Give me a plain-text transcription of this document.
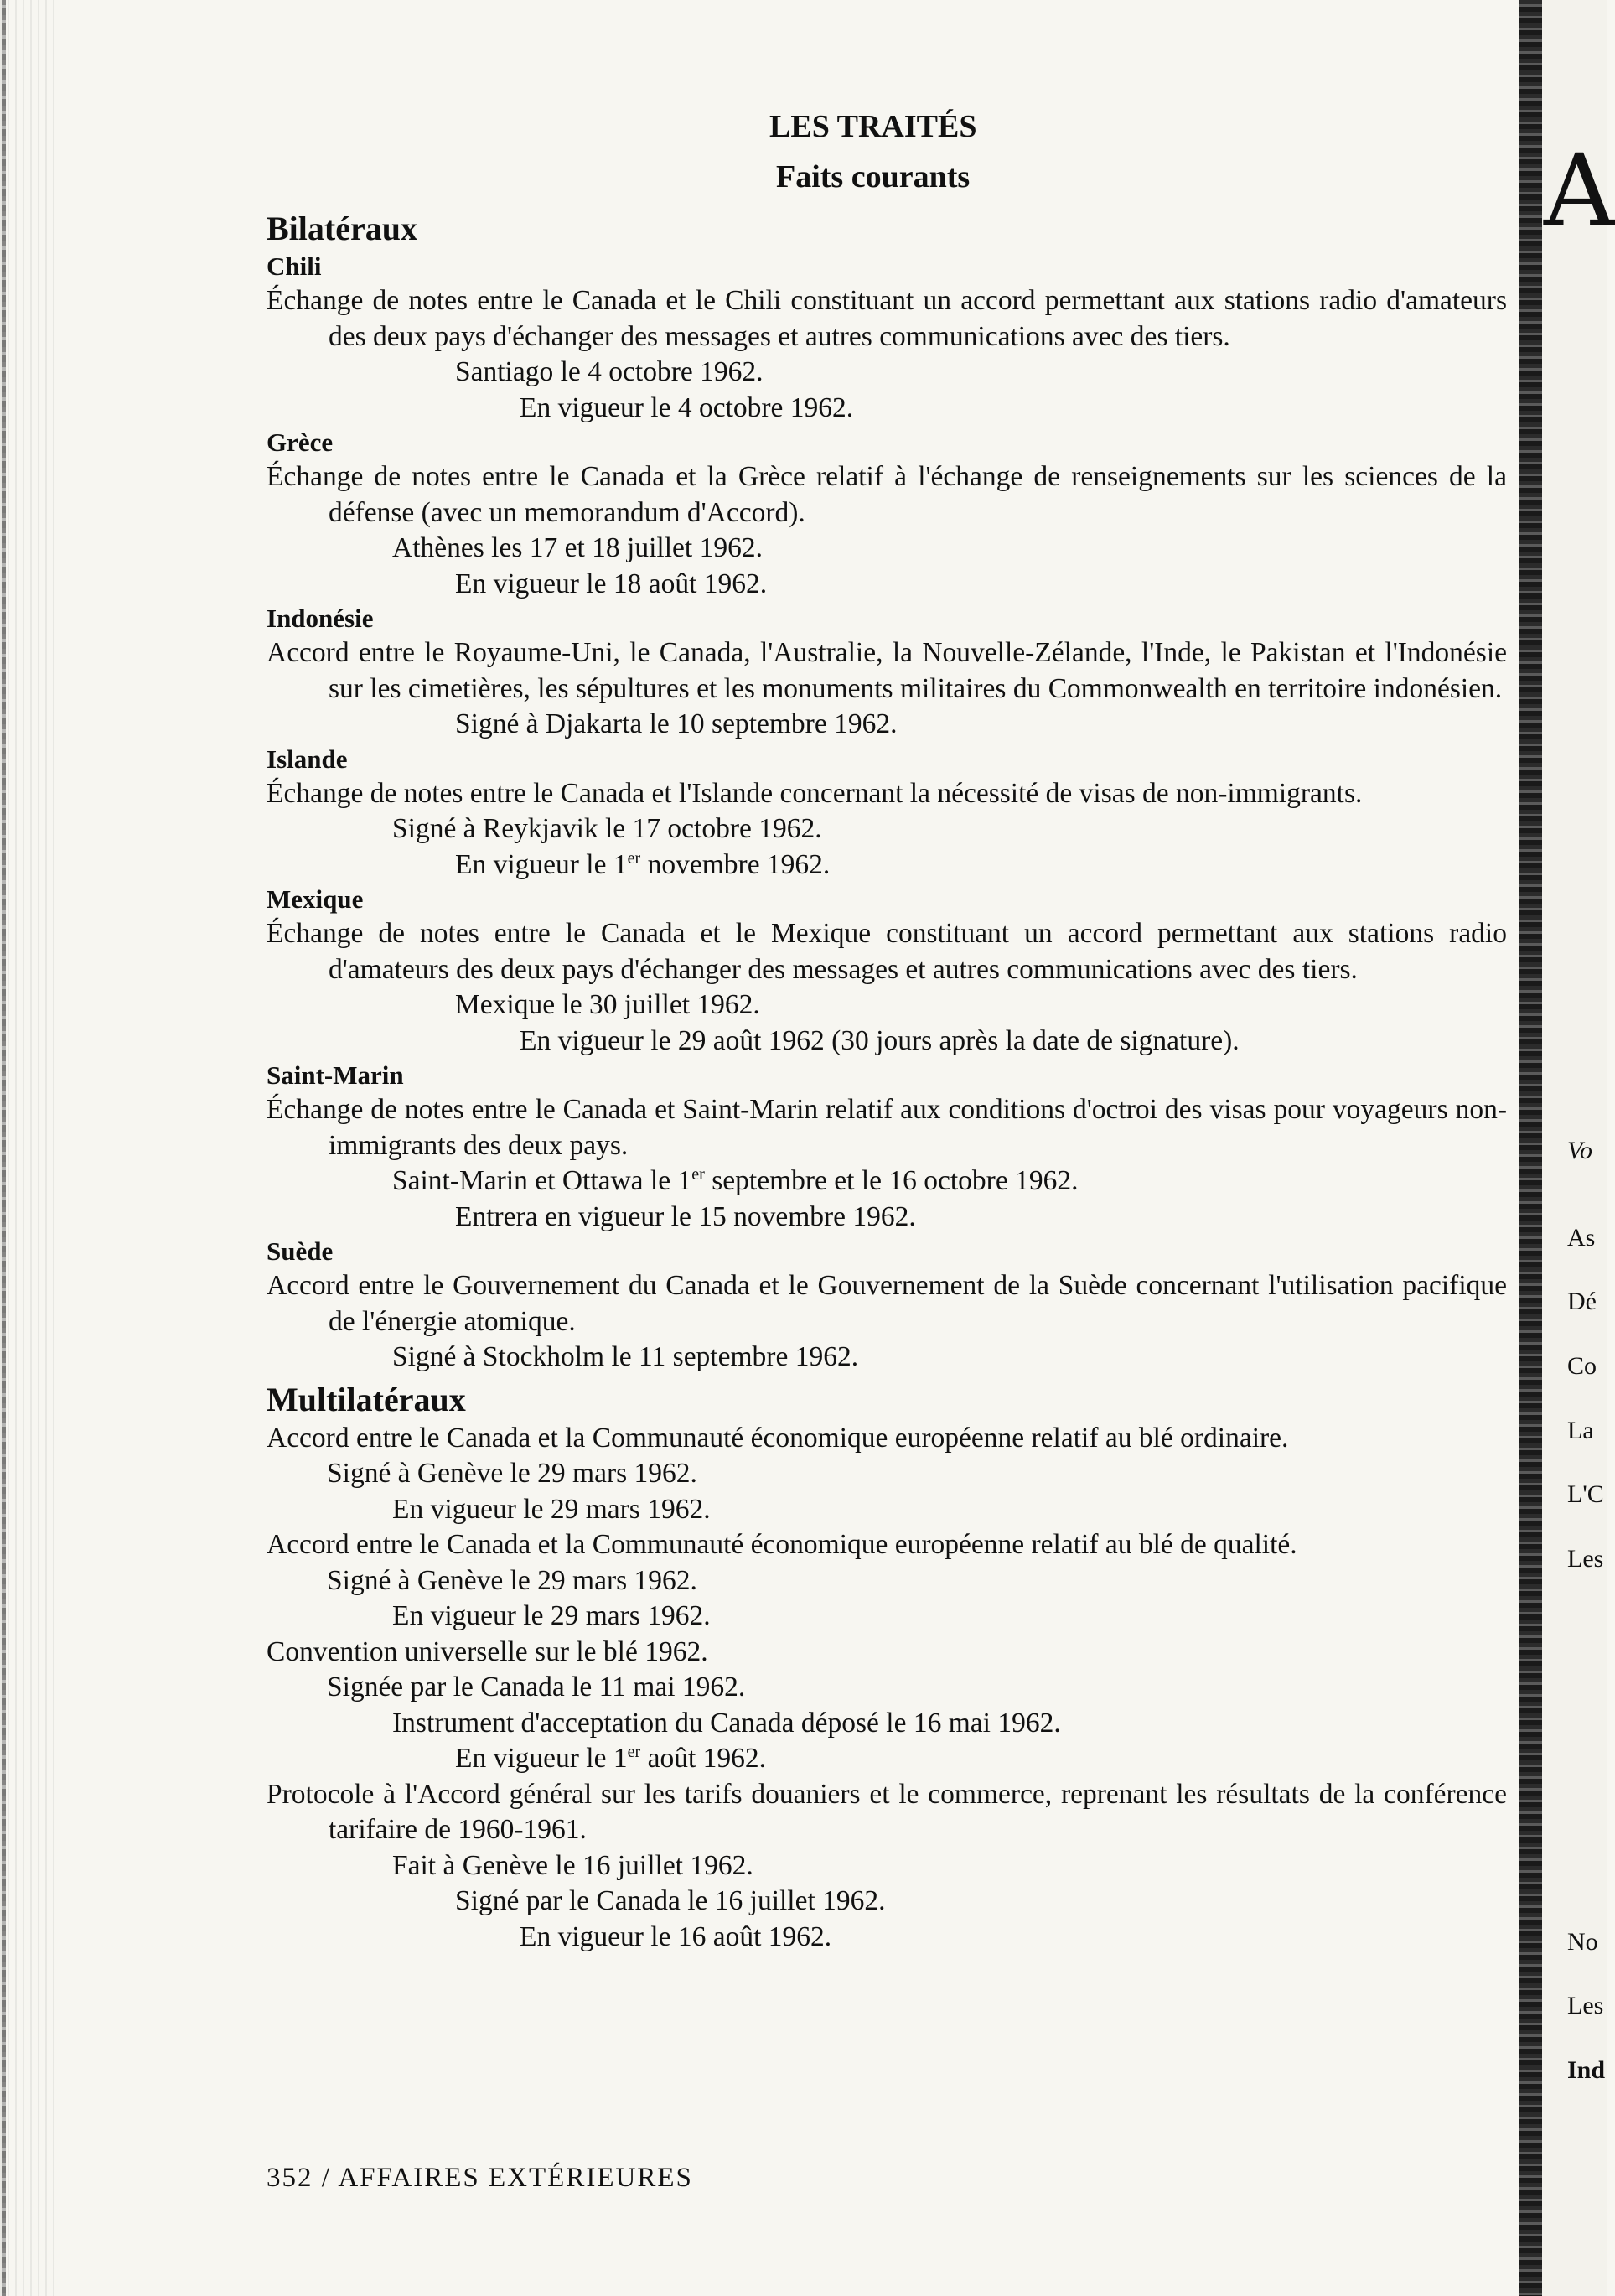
LES TRAITÉS
Faits courants
Bilatéraux
Chili
Échange de notes entre le Canada et le Chili constituant un accord permettant aux stations radio d'amateurs des deux pays d'échanger des messages et autres communications avec des tiers.
Santiago le 4 octobre 1962.
En vigueur le 4 octobre 1962.
Grèce
Échange de notes entre le Canada et la Grèce relatif à l'échange de renseignements sur les sciences de la défense (avec un memorandum d'Accord).
Athènes les 17 et 18 juillet 1962.
En vigueur le 18 août 1962.
Indonésie
Accord entre le Royaume-Uni, le Canada, l'Australie, la Nouvelle-Zélande, l'Inde, le Pakistan et l'Indonésie sur les cimetières, les sépultures et les monuments militaires du Commonwealth en territoire indonésien.
Signé à Djakarta le 10 septembre 1962.
Islande
Échange de notes entre le Canada et l'Islande concernant la nécessité de visas de non-immigrants.
Signé à Reykjavik le 17 octobre 1962.
En vigueur le 1er novembre 1962.
Mexique
Échange de notes entre le Canada et le Mexique constituant un accord permettant aux stations radio d'amateurs des deux pays d'échanger des messages et autres communications avec des tiers.
Mexique le 30 juillet 1962.
En vigueur le 29 août 1962 (30 jours après la date de signature).
Saint-Marin
Échange de notes entre le Canada et Saint-Marin relatif aux conditions d'octroi des visas pour voyageurs non-immigrants des deux pays.
Saint-Marin et Ottawa le 1er septembre et le 16 octobre 1962.
Entrera en vigueur le 15 novembre 1962.
Suède
Accord entre le Gouvernement du Canada et le Gouvernement de la Suède concernant l'utilisation pacifique de l'énergie atomique.
Signé à Stockholm le 11 septembre 1962.
Multilatéraux
Accord entre le Canada et la Communauté économique européenne relatif au blé ordinaire.
Signé à Genève le 29 mars 1962.
En vigueur le 29 mars 1962.
Accord entre le Canada et la Communauté économique européenne relatif au blé de qualité.
Signé à Genève le 29 mars 1962.
En vigueur le 29 mars 1962.
Convention universelle sur le blé 1962.
Signée par le Canada le 11 mai 1962.
Instrument d'acceptation du Canada déposé le 16 mai 1962.
En vigueur le 1er août 1962.
Protocole à l'Accord général sur les tarifs douaniers et le commerce, reprenant les résultats de la conférence tarifaire de 1960-1961.
Fait à Genève le 16 juillet 1962.
Signé par le Canada le 16 juillet 1962.
En vigueur le 16 août 1962.
352 / AFFAIRES EXTÉRIEURES
A
Vo
As
Dé
Co
La
L'C
Les
No
Les
Ind
